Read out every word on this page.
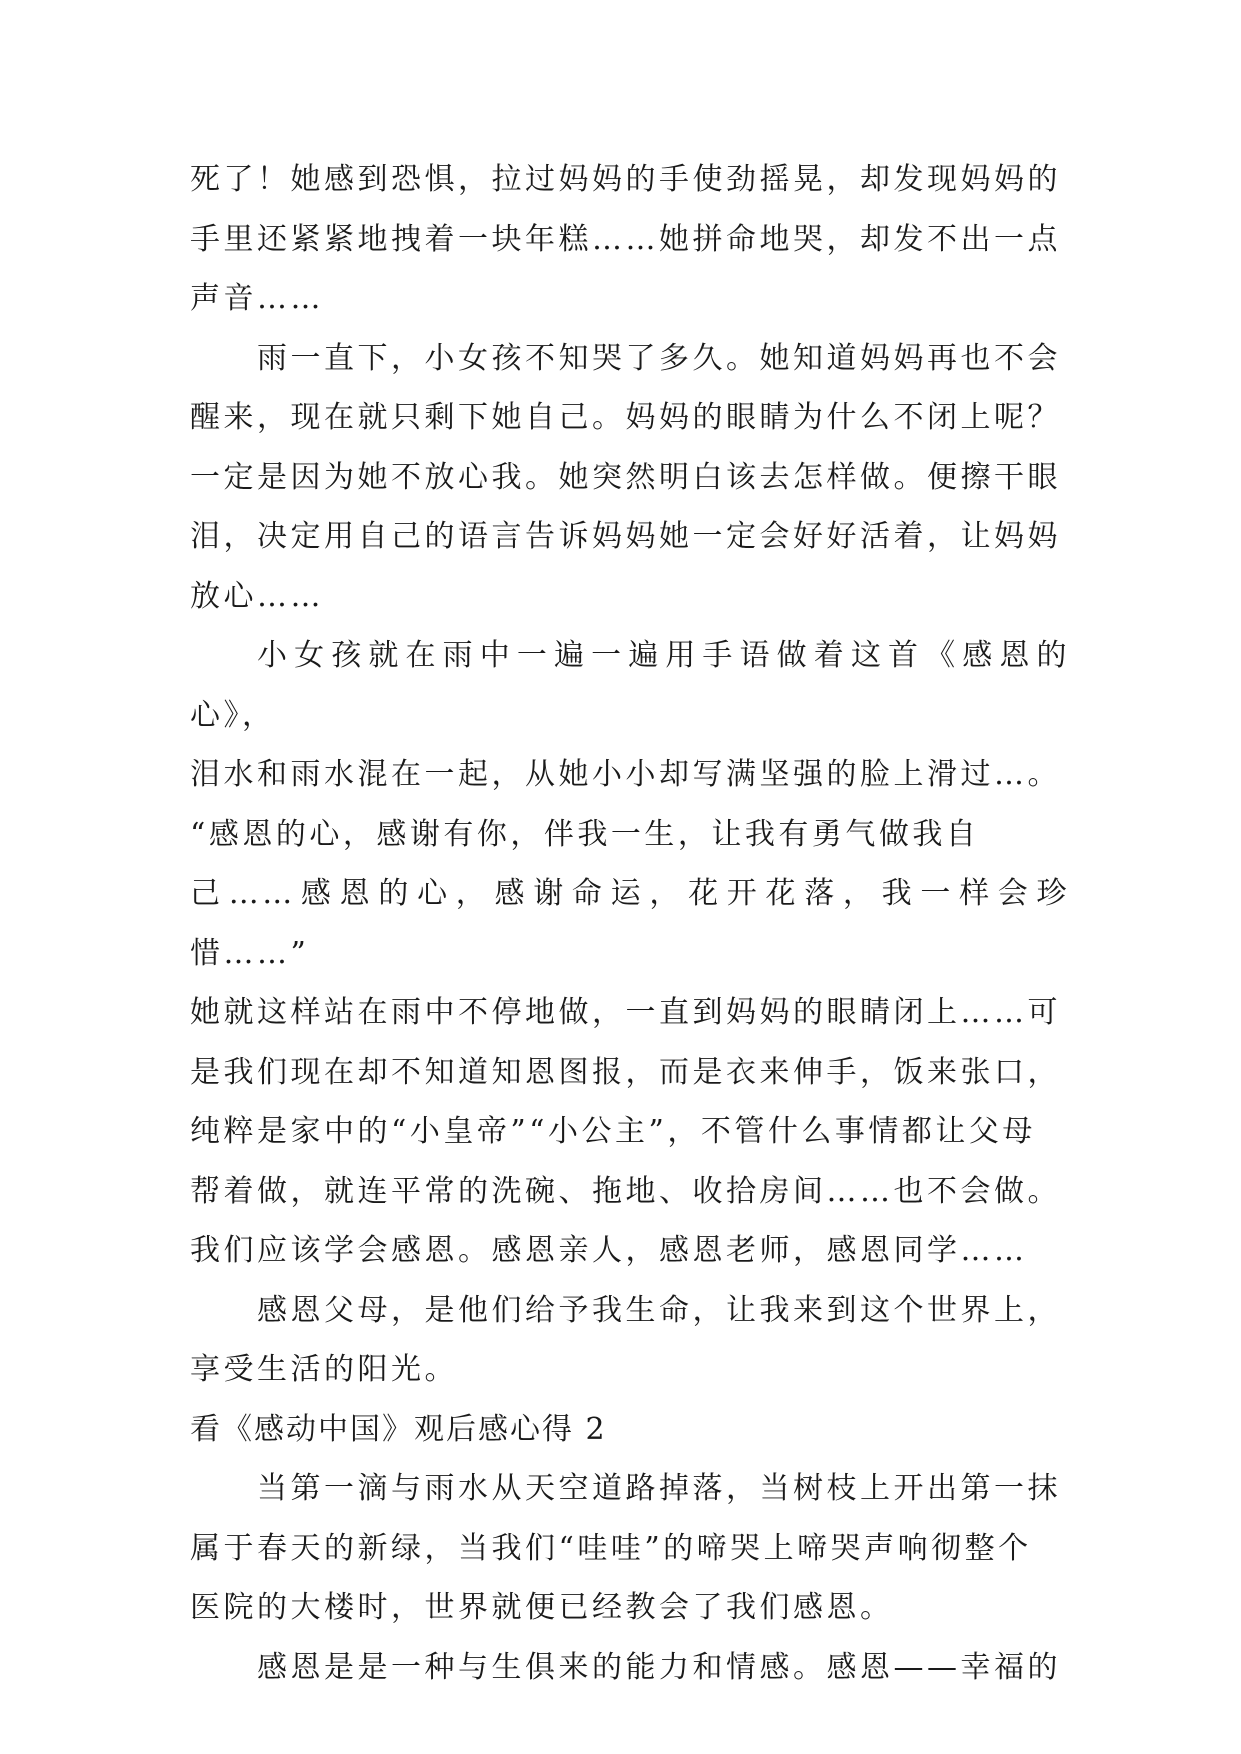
死了！她感到恐惧，拉过妈妈的手使劲摇晃，却发现妈妈的
手里还紧紧地拽着一块年糕……她拼命地哭，却发不出一点
声音……

雨一直下，小女孩不知哭了多久。她知道妈妈再也不会
醒来，现在就只剩下她自己。妈妈的眼睛为什么不闭上呢？
一定是因为她不放心我。她突然明白该去怎样做。便擦干眼
泪，决定用自己的语言告诉妈妈她一定会好好活着，让妈妈
放心……

小女孩就在雨中一遍一遍用手语做着这首《感恩的心》，
泪水和雨水混在一起，从她小小却写满坚强的脸上滑过…。
“感恩的心，感谢有你，伴我一生，让我有勇气做我自
己……感恩的心，感谢命运，花开花落，我一样会珍惜……”
她就这样站在雨中不停地做，一直到妈妈的眼睛闭上……可
是我们现在却不知道知恩图报，而是衣来伸手，饭来张口，
纯粹是家中的“小皇帝”“小公主”，不管什么事情都让父母
帮着做，就连平常的洗碗、拖地、收拾房间……也不会做。
我们应该学会感恩。感恩亲人，感恩老师，感恩同学……

感恩父母，是他们给予我生命，让我来到这个世界上，
享受生活的阳光。

看《感动中国》观后感心得 2

当第一滴与雨水从天空道路掉落，当树枝上开出第一抹
属于春天的新绿，当我们“哇哇”的啼哭上啼哭声响彻整个
医院的大楼时，世界就便已经教会了我们感恩。

感恩是是一种与生俱来的能力和情感。感恩——幸福的
